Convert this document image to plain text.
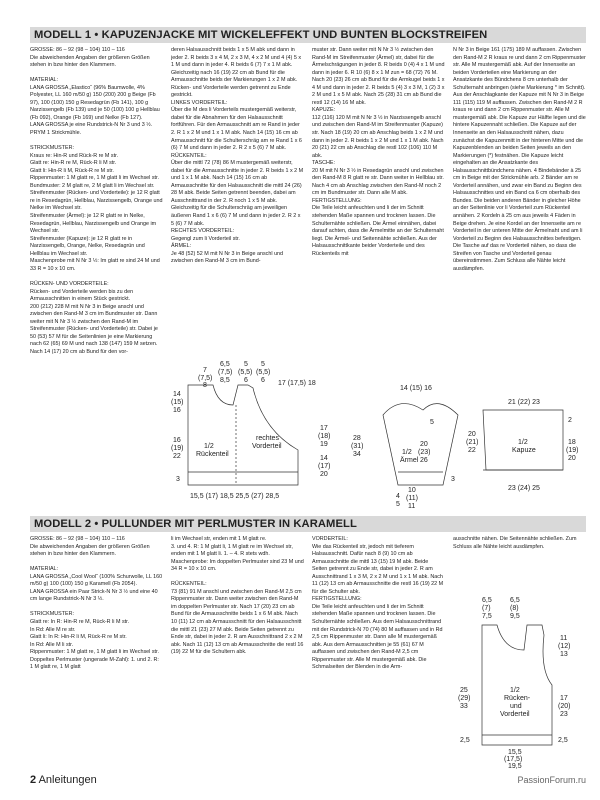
MODELL 1 • KAPUZENJACKE MIT WICKELEFFEKT UND BUNTEN BLOCKSTREIFEN
GRÖSSE: 86 – 92 (98 – 104) 110 – 116
Die abweichenden Angaben der größeren Größen stehen in bzw hinter den Klammern.

MATERIAL:
LANA GROSSA „Elastico“ (96% Baumwolle, 4% Polyester, LL 160 m/50 g) 150 (200) 200 g Beige (Fb 97), 100 (100) 150 g Resedagrün (Fb 141), 100 g Narzissengelb (Fb 139) und je 50 (100) 100 g Hellblau (Fb 092), Orange (Fb 169) und Nelke (Fb 127).
LANA GROSSA je eine Rundstrick-N Nr 3 und 3 ½.
PRYM 1 Strickmühle.

STRICKMUSTER:
Kraus re: Hin-R und Rück-R re M str.
Glatt re: Hin-R re M, Rück-R li M str.
Glatt li: Hin-R li M, Rück-R re M str.
Rippenmuster: 1 M glatt re, 1 M glatt li im Wechsel str.
Bundmuster: 2 M glatt re, 2 M glatt li im Wechsel str.
Streifenmuster (Rücken- und Vorderteile): je 12 R glatt re in Resedagrün, Hellblau, Narzissengelb, Orange und Nelke im Wechsel str.
Streifenmuster (Ärmel): je 12 R glatt re in Nelke, Resedagrün, Hellblau, Narzissengelb und Orange im Wechsel str.
Streifenmuster (Kapuze): je 12 R glatt re in Narzissengelb, Orange, Nelke, Resedagrün und Hellblau im Wechsel str.
Maschenprobe mit N Nr 3 ½: Im glatt re sind 24 M und 33 R = 10 x 10 cm.

RÜCKEN- UND VORDERTEILE:
Rücken- und Vorderteile werden bis zu den Armausschnitten in einem Stück gestrickt.
200 (212) 228 M mit N Nr 3 in Beige anschl und zwischen den Rand-M 3 cm im Bundmuster str. Dann weiter mit N Nr 3 ½ zwischen den Rand-M im Streifenmuster (Rücken- und Vorderteile) str. Dabei je 50 (53) 57 M für die Seitenlinien je eine Markierung nach 62 (65) 69 M und nach 138 (147) 159 M setzen. Nach 14 (17) 20 cm ab Bund für den vor-
deren Halsausschnitt beids 1 x 5 M abk und dann in jeder 2. R beids 3 x 4 M, 2 x 3 M, 4 x 2 M und 4 (4) 5 x 1 M und dann in jeder 4. R beids 6 (7) 7 x 1 M abk. Gleichzeitig nach 16 (19) 22 cm ab Bund für die Armausschnitte beids der Markierungen 1 x 2 M abk. Rücken- und Vorderteile werden getrennt zu Ende gestrickt.
LINKES VORDERTEIL:
Über die M des li Vorderteils mustergemäß weiterstr, dabei für die Abnahmen für den Halsausschnitt fortführen. Für den Armausschnitt am re Rand in jeder 2. R 1 x 2 M und 1 x 1 M abk. Nach 14 (15) 16 cm ab Armausschnitt für die Schulterschräg am re Rand 1 x 6 (6) 7 M und dann in jeder 2. R 2 x 5 (6) 7 M abk.
RÜCKENTEIL:
Über die mittl 72 (78) 86 M mustergemäß weiterstr, dabei für die Armausschnitte in jeder 2. R beids 1 x 2 M und 1 x 1 M abk. Nach 14 (15) 16 cm ab Armausschnitte für den Halsausschnitt die mittl 24 (26) 28 M abk. Beide Seiten getrennt beenden, dabei am Ausschnittrand in der 2. R noch 1 x 5 M abk. Gleichzeitig für die Schulterschräg am jeweiligen äußeren Rand 1 x 6 (6) 7 M und dann in jeder 2. R 2 x 5 (6) 7 M abk.
RECHTES VORDERTEIL:
Gegengl zum li Vorderteil str.
ÄRMEL:
Je 48 (52) 52 M mit N Nr 3 in Beige anschl und zwischen den Rand-M 3 cm im Bund-
muster str. Dann weiter mit N Nr 3 ½ zwischen den Rand-M im Streifenmuster (Ärmel) str, dabei für die Ärmelschrägungen in jeder 8. R beids 0 (4) 4 x 1 M und dann in jeder 6. R 10 (6) 8 x 1 M zun = 68 (72) 76 M. Nach 20 (23) 26 cm ab Bund für die Armkugel beids 1 x 4 M und dann in jeder 2. R beids 5 (4) 3 x 3 M, 1 (2) 3 x 2 M und 1 x 5 M abk. Nach 25 (28) 31 cm ab Bund die restl 12 (14) 16 M abk.
KAPUZE:
112 (116) 120 M mit N Nr 3 ½ in Narzissengelb anschl und zwischen den Rand-M im Streifenmuster (Kapuze) str. Nach 18 (19) 20 cm ab Anschlag beids 1 x 2 M und dann in jeder 2. R beids 1 x 2 M und 1 x 1 M abk. Nach 20 (21) 22 cm ab Anschlag die restl 102 (106) 110 M abk.
TASCHE:
20 M mit N Nr 3 ½ in Resedagrün anschl und zwischen den Rand-M 8 R glatt re str. Dann weiter in Hellblau str. Nach 4 cm ab Anschlag zwischen den Rand-M noch 2 cm im Bundmuster str. Dann alle M abk.
FERTIGSTELLUNG:
Die Teile leicht anfeuchten und li der im Schnitt stehenden Maße spannen und trocknen lassen. Die Schulternähte schließen. Die Ärmel einnähen, dabei darauf achten, dass die Ärmelmitte an der Schulternaht liegt. Die Ärmel- und Seitennähte schließen. Aus der Halsausschnittkante beider Vorderteile und des Rückenteils mit
N Nr 3 in Beige 161 (175) 189 M auffassen. Zwischen den Rand-M 2 R kraus re und dann 2 cm Rippenmuster str. Alle M mustergemäß abk. Auf der Innenseite an beiden Vorderteilen eine Markierung an der Ansatzkante des Bündchens 8 cm unterhalb der Schulternaht anbringen (siehe Markierung * im Schnitt). Aus der Anschlagkante der Kapuze mit N Nr 3 in Beige 111 (115) 119 M auffassen. Zwischen den Rand-M 2 R kraus re und dann 2 cm Rippenmuster str. Alle M mustergemäß abk. Die Kapuze zur Hälfte legen und die hintere Kapuzennaht schließen. Die Kapuze auf der Innenseite an den Halsausschnitt nähen, dazu zunächst die Kapuzenmitt in der hinteren Mitte und die Kapuzenblenden an beiden Seiten jeweils an den Markierungen (*) festnähen. Die Kapuze leicht eingehalten an die Ansatzkante des Halsausschnittbündchens nähen. 4 Bindebänder à 25 cm in Beige mit der Strickmühle arb. 2 Bänder am re Vorderteil annähen, und zwar ein Band zu Beginn des Halsausschnittes und ein Band ca 6 cm oberhalb des Bundes. Die beiden anderen Bänder in gleicher Höhe an der Seitenlinie vor li Vorderteil zum Rückenteil annähen. 2 Kordeln à 25 cm aus jeweils 4 Fäden in Beige drehen. Je eine Kordel an der Innenseite am re Vorderteil in der unteren Mitte der Ärmelnaht und am li Vorderteil zu Beginn des Halsausschnittes befestigen. Die Tasche auf das re Vorderteil nähen, so dass die Streifen von Tasche und Vorderteil genau übereinstimmen. Zum Schluss alle Nähte leicht ausdämpfen.
7
(7,5)
8
6,5
(7,5)
8,5
5
(5,5)
6
5
(5,5)
6 17 (17,5) 18
14
(15)
16
16
(19)
22
3
1/2
Rückenteil
rechtes
Vorderteil
15,5 (17) 18,5 25,5 (27) 28,5
14 (15) 16
17
(18)
19
14
(17)
20
28
(31)
34
5
20
(23)
26
1/2
Ärmel
10
(11)
11
4
5
3
21 (22) 23
20
(21)
22
2
18
(19)
20
1/2
Kapuze
23 (24) 25
MODELL 2 • PULLUNDER MIT PERLMUSTER IN KARAMELL
GRÖSSE: 86 – 92 (98 – 104) 110 – 116
Die abweichenden Angaben der größeren Größen stehen in bzw hinter den Klammern.

MATERIAL:
LANA GROSSA „Cool Wool“ (100% Schurwolle, LL 160 m/50 g) 100 (100) 150 g Karamell (Fb 2054).
LANA GROSSA ein Paar Strick-N Nr 3 ½ und eine 40 cm lange Rundstrick-N Nr 3 ½.

STRICKMUSTER:
Glatt re: In R: Hin-R re M, Rück-R li M str.
In Rd: Alle M re str.
Glatt li: In R: Hin-R li M, Rück-R re M str.
In Rd: Alle M li str.
Rippenmuster: 1 M glatt re, 1 M glatt li im Wechsel str.
Doppeltes Perlmuster (ungerade M-Zahl): 1. und 2. R: 1 M glatt re, 1 M glatt
li im Wechsel str, enden mit 1 M glatt re.
3. und 4. R: 1 M glatt li, 1 M glatt re im Wechsel str, enden mit 1 M glatt li. 1. – 4. R stets wdh.
Maschenprobe: Im doppelten Perlmuster sind 23 M und 34 R = 10 x 10 cm.

RÜCKENTEIL:
73 (81) 91 M anschl und zwischen den Rand-M 2,5 cm Rippenmuster str. Dann weiter zwischen den Rand-M im doppelten Perlmuster str. Nach 17 (20) 23 cm ab Bund für die Armausschnitte beids 1 x 6 M abk. Nach 10 (11) 12 cm ab Armausschnitt für den Halsausschnitt die mittl 21 (23) 27 M abk. Beide Seiten getrennt zu Ende str, dabei in jeder 2. R am Ausschnittrand 2 x 2 M abk. Nach 11 (12) 13 cm ab Armausschnitte die restl 16 (19) 22 M für die Schultern abk.
VORDERTEIL:
Wie das Rückenteil str, jedoch mit tieferem Halsausschnitt. Dafür nach 8 (9) 10 cm ab Armausschnitte die mittl 13 (15) 19 M abk. Beide Seiten getrennt zu Ende str, dabei in jeder 2. R am Ausschnittrand 1 x 3 M, 2 x 2 M und 1 x 1 M abk. Nach 11 (12) 13 cm ab Armausschnitte die restl 16 (19) 22 M für die Schulter abk.
FERTIGSTELLUNG:
Die Teile leicht anfeuchten und li der im Schnitt stehenden Maße spannen und trocknen lassen. Die Schulternähte schließen. Aus dem Halsausschnittrand mit der Rundstrick-N 70 (74) 80 M auffassen und in Rd 2,5 cm Rippenmuster str. Dann alle M mustergemäß abk. Aus dem Armausschnitten je 55 (61) 67 M auffassen und zwischen den Rand-M 2,5 cm Rippenmuster str. Alle M mustergemäß abk. Die Schmalseiten der Blenden in die Arm-
ausschnitte nähen. Die Seitennähte schließen. Zum Schluss alle Nähte leicht ausdämpfen.
6,5
(7)
7,5
6,5
(8)
9,5
11
(12)
13
17
(20)
23
2,5
25
(29)
33
2,5
1/2
Rücken-
und
Vorderteil
15,5
(17,5)
19,5
2 Anleitungen	PassionForum.ru
